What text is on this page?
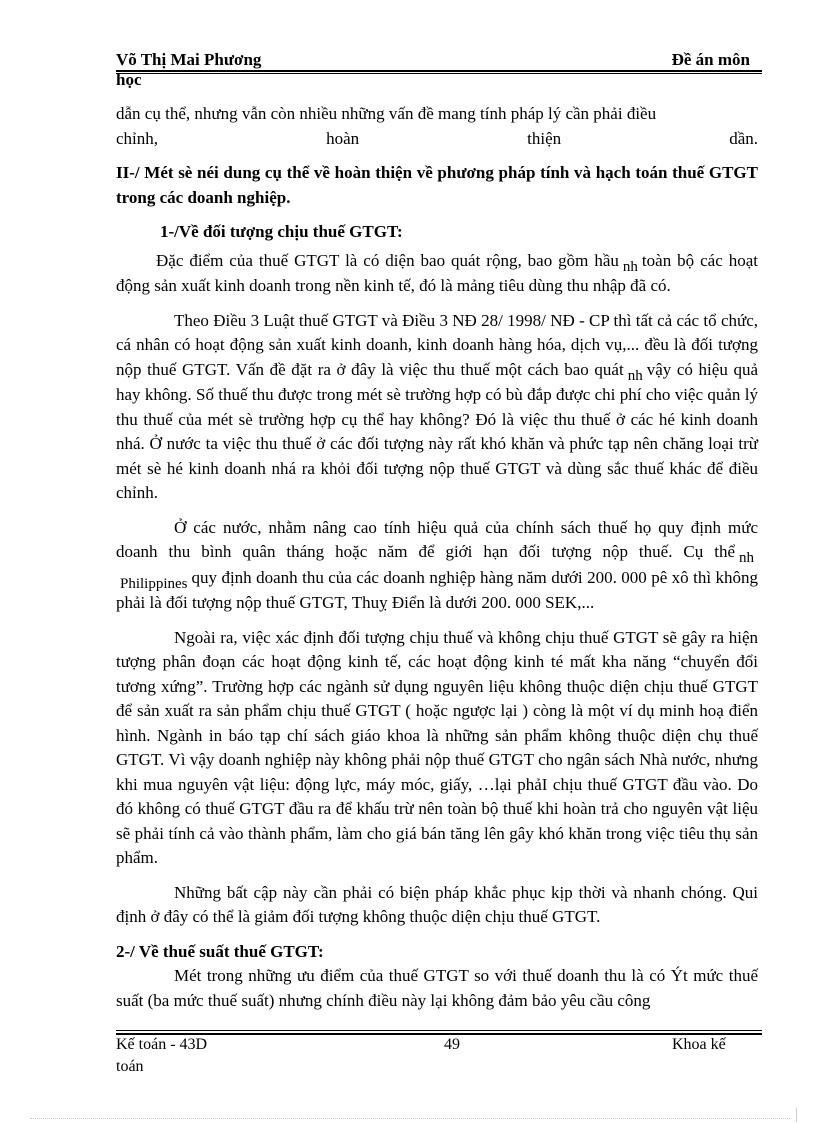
Võ Thị Mai Phương	Đề án môn
học

dẫn cụ thể, nhưng vẫn còn nhiều những vấn đề mang tính pháp lý cần phải điều

chỉnh, hoàn thiện dần.

II-/ Mét sè néi dung cụ thể về hoàn thiện về phương pháp tính và hạch toán thuế GTGT trong các doanh nghiệp.

1-/Về đối tượng chịu thuế GTGT:

Đặc điểm của thuế GTGT là có diện bao quát rộng, bao gồm hầu nh toàn bộ các hoạt động sản xuất kinh doanh trong nền kinh tế, đó là mảng tiêu dùng thu nhập đã có.

Theo Điều 3 Luật thuế GTGT và Điều 3 NĐ 28/ 1998/ NĐ - CP thì tất cả các tổ chức, cá nhân có hoạt động sản xuất kinh doanh, kinh doanh hàng hóa, dịch vụ,... đều là đối tượng nộp thuế GTGT. Vấn đề đặt ra ở đây là việc thu thuế một cách bao quát nh vậy có hiệu quả hay không. Số thuế thu được trong mét sè trường hợp có bù đắp được chi phí cho việc quản lý thu thuế của mét sè trường hợp cụ thể hay không? Đó là việc thu thuế ở các hé kinh doanh nhá. Ở nước ta việc thu thuế ở các đối tượng này rất khó khăn và phức tạp nên chăng loại trừ mét sè hé kinh doanh nhá ra khỏi đối tượng nộp thuế GTGT và dùng sắc thuế khác để điều chỉnh.

Ở các nước, nhằm nâng cao tính hiệu quả của chính sách thuế họ quy định mức doanh thu bình quân tháng hoặc năm để giới hạn đối tượng nộp thuế. Cụ thể nh Philippines quy định doanh thu của các doanh nghiệp hàng năm dưới 200. 000 pê xô thì không phải là đối tượng nộp thuế GTGT, Thuỵ Điển là dưới 200. 000 SEK,...

Ngoài ra, việc xác định đối tượng chịu thuế và không chịu thuế GTGT sẽ gây ra hiện tượng phân đoạn các hoạt động kinh tế, các hoạt động kinh té mất kha năng “chuyển đổi tương xứng”. Trường hợp các ngành sử dụng nguyên liệu không thuộc diện chịu thuế GTGT để sản xuất ra sản phẩm chịu thuế GTGT ( hoặc ngược lại ) còng là một ví dụ minh hoạ điển hình. Ngành in báo tạp chí sách giáo khoa là những sản phẩm không thuộc diện chụ thuế GTGT. Vì vậy doanh nghiệp này không phải nộp thuế GTGT cho ngân sách Nhà nước, nhưng khi mua nguyên vật liệu: động lực, máy móc, giấy, …lại phảI chịu thuế GTGT đầu vào. Do đó không có thuế GTGT đầu ra để khấu trừ nên toàn bộ thuế khi hoàn trả cho nguyên vật liệu sẽ phải tính cả vào thành phẩm, làm cho giá bán tăng lên gây khó khăn trong việc tiêu thụ sản phẩm.

Những bất cập này cần phải có biện pháp khắc phục kịp thời và nhanh chóng. Qui định ở đây có thể là giảm đối tượng không thuộc diện chịu thuế GTGT.

2-/ Về thuế suất thuế GTGT:

Mét trong những ưu điểm của thuế GTGT so với thuế doanh thu là có Ýt mức thuế suất (ba mức thuế suất) nhưng chính điều này lại không đảm bảo yêu cầu công

Kế toán - 43D	49	Khoa kế
toán
